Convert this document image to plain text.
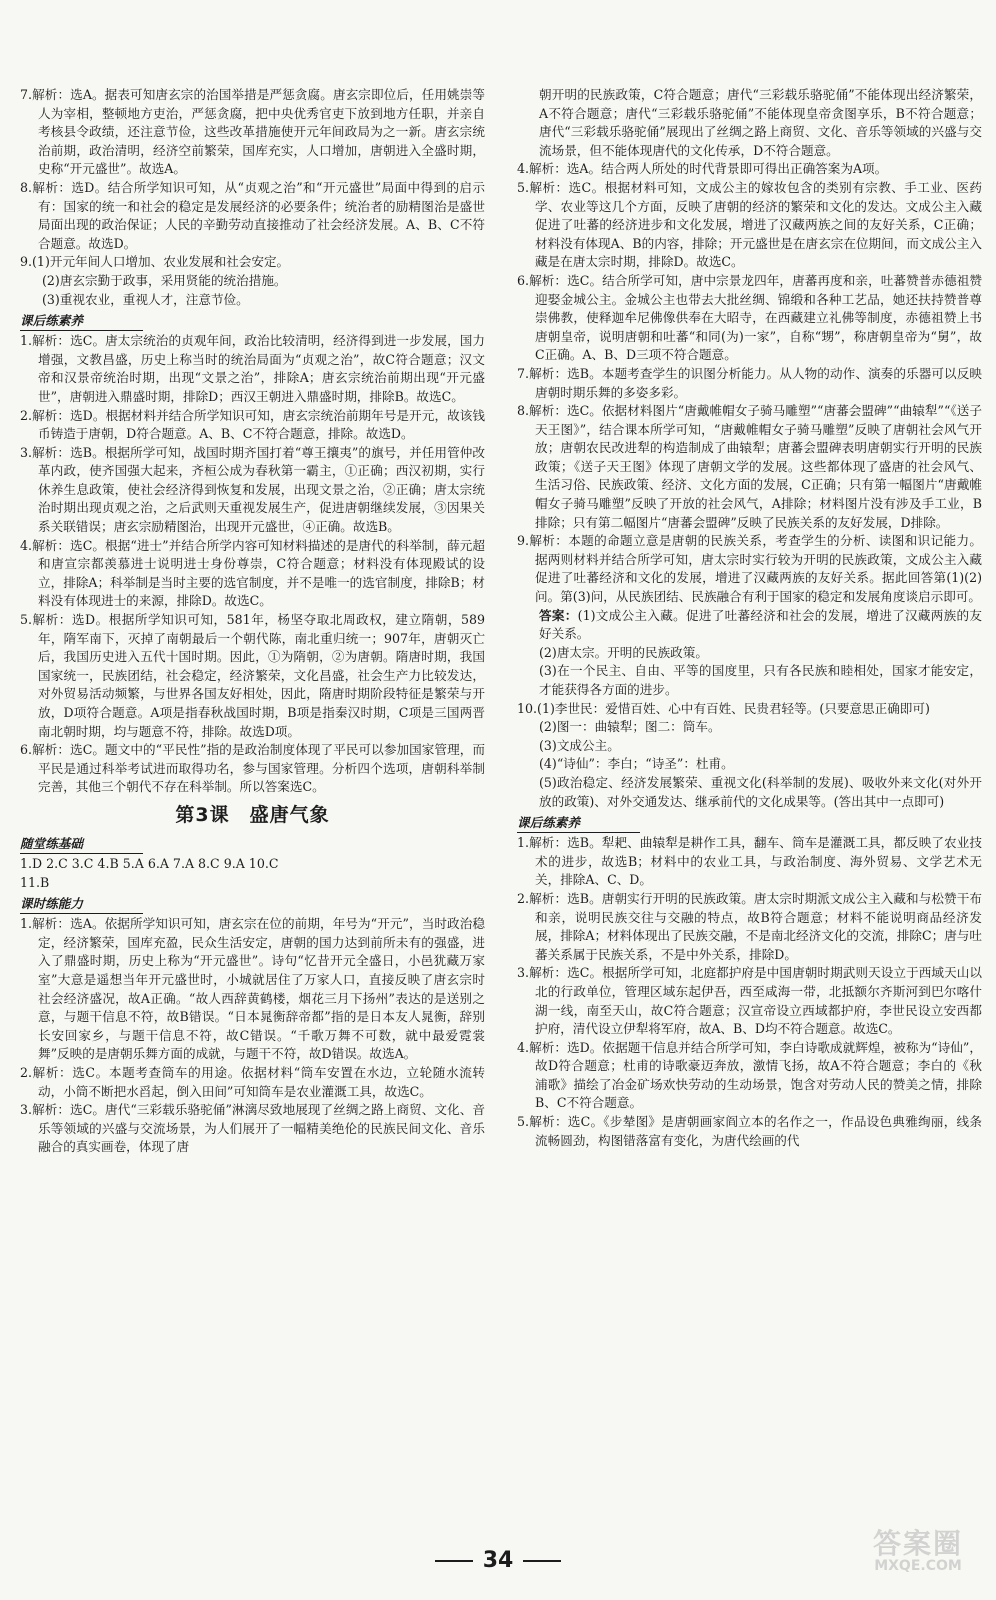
7.解析：选A。据表可知唐玄宗的治国举措是严惩贪腐。唐玄宗即位后，任用姚崇等人为宰相，整顿地方吏治，严惩贪腐，把中央优秀官吏下放到地方任职，并亲自考核县令政绩，还注意节俭，这些改革措施使开元年间政局为之一新。唐玄宗统治前期，政治清明，经济空前繁荣，国库充实，人口增加，唐朝进入全盛时期，史称“开元盛世”。故选A。

8.解析：选D。结合所学知识可知，从“贞观之治”和“开元盛世”局面中得到的启示有：国家的统一和社会的稳定是发展经济的必要条件；统治者的励精图治是盛世局面出现的政治保证；人民的辛勤劳动直接推动了社会经济发展。A、B、C不符合题意。故选D。

9.(1)开元年间人口增加、农业发展和社会安定。

(2)唐玄宗勤于政事，采用贤能的统治措施。

(3)重视农业，重视人才，注意节俭。

课后练素养

1.解析：选C。唐太宗统治的贞观年间，政治比较清明，经济得到进一步发展，国力增强，文教昌盛，历史上称当时的统治局面为“贞观之治”，故C符合题意；汉文帝和汉景帝统治时期，出现“文景之治”，排除A；唐玄宗统治前期出现“开元盛世”，唐朝进入鼎盛时期，排除D；西汉王朝进入鼎盛时期，排除B。故选C。

2.解析：选D。根据材料并结合所学知识可知，唐玄宗统治前期年号是开元，故该钱币铸造于唐朝，D符合题意。A、B、C不符合题意，排除。故选D。

3.解析：选B。根据所学可知，战国时期齐国打着“尊王攘夷”的旗号，并任用管仲改革内政，使齐国强大起来，齐桓公成为春秋第一霸主，①正确；西汉初期，实行休养生息政策，使社会经济得到恢复和发展，出现文景之治，②正确；唐太宗统治时期出现贞观之治，之后武则天重视发展生产，促进唐朝继续发展，③因果关系关联错误；唐玄宗励精图治，出现开元盛世，④正确。故选B。

4.解析：选C。根据“进士”并结合所学内容可知材料描述的是唐代的科举制，薛元超和唐宣宗都羡慕进士说明进士身份尊崇，C符合题意；材料没有体现殿试的设立，排除A；科举制是当时主要的选官制度，并不是唯一的选官制度，排除B；材料没有体现进士的来源，排除D。故选C。

5.解析：选D。根据所学知识可知，581年，杨坚夺取北周政权，建立隋朝，589年，隋军南下，灭掉了南朝最后一个朝代陈，南北重归统一；907年，唐朝灭亡后，我国历史进入五代十国时期。因此，①为隋朝，②为唐朝。隋唐时期，我国国家统一，民族团结，社会稳定，经济繁荣，文化昌盛，社会生产力比较发达，对外贸易活动频繁，与世界各国友好相处，因此，隋唐时期阶段特征是繁荣与开放，D项符合题意。A项是指春秋战国时期，B项是指秦汉时期，C项是三国两晋南北朝时期，均与题意不符，排除。故选D项。

6.解析：选C。题文中的“平民性”指的是政治制度体现了平民可以参加国家管理，而平民是通过科举考试进而取得功名，参与国家管理。分析四个选项，唐朝科举制完善，其他三个朝代不存在科举制。所以答案选C。

第3课 盛唐气象
随堂练基础

1.D 2.C 3.C 4.B 5.A 6.A 7.A 8.C 9.A 10.C

11.B

课时练能力

1.解析：选A。依据所学知识可知，唐玄宗在位的前期，年号为“开元”，当时政治稳定，经济繁荣，国库充盈，民众生活安定，唐朝的国力达到前所未有的强盛，进入了鼎盛时期，历史上称为“开元盛世”。诗句“忆昔开元全盛日，小邑犹藏万家室”大意是遥想当年开元盛世时，小城就居住了万家人口，直接反映了唐玄宗时社会经济盛况，故A正确。“故人西辞黄鹤楼，烟花三月下扬州”表达的是送别之意，与题干信息不符，故B错误。“日本晁衡辞帝都”指的是日本友人晁衡，辞别长安回家乡，与题干信息不符，故C错误。“千歌万舞不可数，就中最爱霓裳舞”反映的是唐朝乐舞方面的成就，与题干不符，故D错误。故选A。

2.解析：选C。本题考查筒车的用途。依据材料“筒车安置在水边，立轮随水流转动，小筒不断把水舀起，倒入田间”可知筒车是农业灌溉工具，故选C。

3.解析：选C。唐代“三彩载乐骆驼俑”淋漓尽致地展现了丝绸之路上商贸、文化、音乐等领域的兴盛与交流场景，为人们展开了一幅精美绝伦的民族民间文化、音乐融合的真实画卷，体现了唐

朝开明的民族政策，C符合题意；唐代“三彩载乐骆驼俑”不能体现出经济繁荣，A不符合题意；唐代“三彩载乐骆驼俑”不能体现皇帝贪图享乐，B不符合题意；唐代“三彩载乐骆驼俑”展现出了丝绸之路上商贸、文化、音乐等领域的兴盛与交流场景，但不能体现唐代的文化传承，D不符合题意。

4.解析：选A。结合两人所处的时代背景即可得出正确答案为A项。

5.解析：选C。根据材料可知，文成公主的嫁妆包含的类别有宗教、手工业、医药学、农业等这几个方面，反映了唐朝的经济的繁荣和文化的发达。文成公主入藏促进了吐蕃的经济进步和文化发展，增进了汉藏两族之间的友好关系，C正确；材料没有体现A、B的内容，排除；开元盛世是在唐玄宗在位期间，而文成公主入藏是在唐太宗时期，排除D。故选C。

6.解析：选C。结合所学可知，唐中宗景龙四年，唐蕃再度和亲，吐蕃赞普赤德祖赞迎娶金城公主。金城公主也带去大批丝绸、锦缎和各种工艺品，她还扶持赞普尊崇佛教，使释迦牟尼佛像供奉在大昭寺，在西藏建立礼佛等制度，赤德祖赞上书唐朝皇帝，说明唐朝和吐蕃“和同(为)一家”，自称“甥”，称唐朝皇帝为“舅”，故C正确。A、B、D三项不符合题意。

7.解析：选B。本题考查学生的识图分析能力。从人物的动作、演奏的乐器可以反映唐朝时期乐舞的多姿多彩。

8.解析：选C。依据材料图片“唐戴帷帽女子骑马雕塑”“唐蕃会盟碑”“曲辕犁”“《送子天王图》”，结合课本所学可知，“唐戴帷帽女子骑马雕塑”反映了唐朝社会风气开放；唐朝农民改进犁的构造制成了曲辕犁；唐蕃会盟碑表明唐朝实行开明的民族政策；《送子天王图》体现了唐朝文学的发展。这些都体现了盛唐的社会风气、生活习俗、民族政策、经济、文化方面的发展，C正确；只有第一幅图片“唐戴帷帽女子骑马雕塑”反映了开放的社会风气，A排除；材料图片没有涉及手工业，B排除；只有第二幅图片“唐蕃会盟碑”反映了民族关系的友好发展，D排除。

9.解析：本题的命题立意是唐朝的民族关系，考查学生的分析、读图和识记能力。据两则材料并结合所学可知，唐太宗时实行较为开明的民族政策，文成公主入藏促进了吐蕃经济和文化的发展，增进了汉藏两族的友好关系。据此回答第(1)(2)问。第(3)问，从民族团结、民族融合有利于国家的稳定和发展角度谈启示即可。

答案：(1)文成公主入藏。促进了吐蕃经济和社会的发展，增进了汉藏两族的友好关系。

(2)唐太宗。开明的民族政策。

(3)在一个民主、自由、平等的国度里，只有各民族和睦相处，国家才能安定，才能获得各方面的进步。

10.(1)李世民：爱惜百姓、心中有百姓、民贵君轻等。(只要意思正确即可)

(2)图一：曲辕犁；图二：筒车。

(3)文成公主。

(4)“诗仙”：李白；“诗圣”：杜甫。

(5)政治稳定、经济发展繁荣、重视文化(科举制的发展)、吸收外来文化(对外开放的政策)、对外交通发达、继承前代的文化成果等。(答出其中一点即可)

课后练素养

1.解析：选B。犁耙、曲辕犁是耕作工具，翻车、筒车是灌溉工具，都反映了农业技术的进步，故选B；材料中的农业工具，与政治制度、海外贸易、文学艺术无关，排除A、C、D。

2.解析：选B。唐朝实行开明的民族政策。唐太宗时期派文成公主入藏和与松赞干布和亲，说明民族交往与交融的特点，故B符合题意；材料不能说明商品经济发展，排除A；材料体现出了民族交融，不是南北经济文化的交流，排除C；唐与吐蕃关系属于民族关系，不是中外关系，排除D。

3.解析：选C。根据所学可知，北庭都护府是中国唐朝时期武则天设立于西域天山以北的行政单位，管理区域东起伊吾，西至咸海一带，北抵额尔齐斯河到巴尔喀什湖一线，南至天山，故C符合题意；汉宣帝设立西域都护府，李世民设立安西都护府，清代设立伊犁将军府，故A、B、D均不符合题意。故选C。

4.解析：选D。依据题干信息并结合所学可知，李白诗歌成就辉煌，被称为“诗仙”，故D符合题意；杜甫的诗歌豪迈奔放，激情飞扬，故A不符合题意；李白的《秋浦歌》描绘了冶金矿场欢快劳动的生动场景，饱含对劳动人民的赞美之情，排除B、C不符合题意。

5.解析：选C。《步辇图》是唐朝画家阎立本的名作之一，作品设色典雅绚丽，线条流畅圆劲，构图错落富有变化，为唐代绘画的代

34
答案圈
MXQE.COM
